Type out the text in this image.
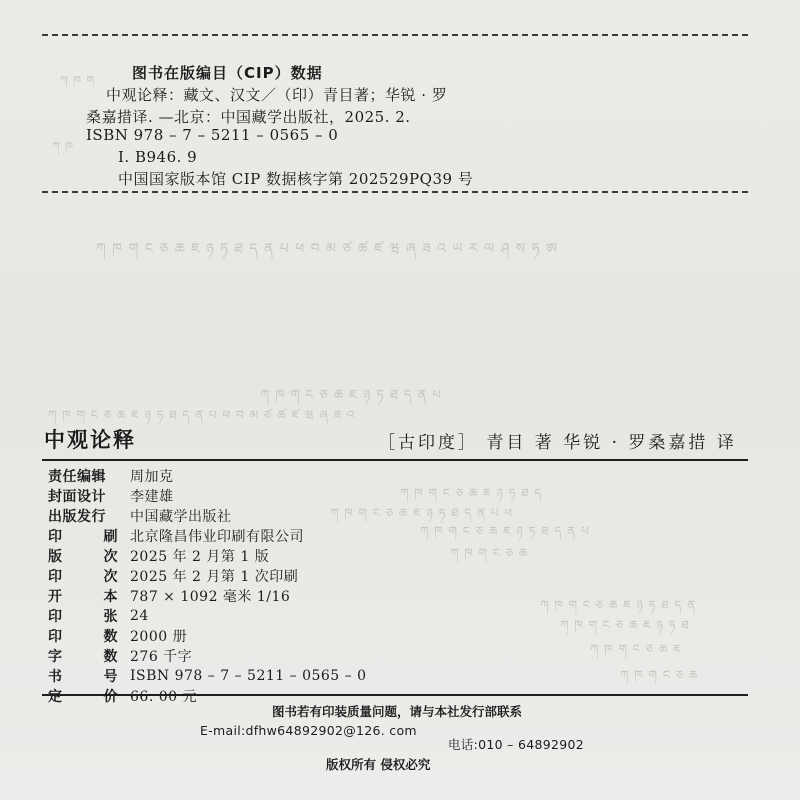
ཀ ཁ ག
ཀ ཁ
ཀ ཁ ག ང ཅ ཆ ཇ ཉ ཏ ཐ ད ན པ ཕ བ མ ཙ ཚ ཛ ཝ ཞ ཟ འ ཡ ར ལ ཤ ས ཧ ཨ
ཀ ཁ ག ང ཅ ཆ ཇ ཉ ཏ ཐ ད ན པ
ཀ ཁ ག ང ཅ ཆ ཇ ཉ ཏ ཐ ད ན པ ཕ བ མ ཙ ཚ ཛ ཝ ཞ ཟ འ
ཀ ཁ ག ང ཅ ཆ ཇ ཉ ཏ ཐ ད
ཀ ཁ ག ང ཅ ཆ ཇ ཉ ཏ ཐ ད ན པ ཕ
ཀ ཁ ག ང ཅ ཆ ཇ ཉ ཏ ཐ ད ན པ
ཀ ཁ ག ང ཅ ཆ
ཀ ཁ ག ང ཅ ཆ ཇ ཉ ཏ ཐ ད ན
ཀ ཁ ག ང ཅ ཆ ཇ ཉ ཏ ཐ
ཀ ཁ ག ང ཅ ཆ ཇ
ཀ ཁ ག ང ཅ ཆ
图书在版编目（CIP）数据
中观论释：藏文、汉文／（印）青目著；华锐 · 罗
桑嘉措译. —北京：中国藏学出版社，2025. 2.
ISBN 978 – 7 – 5211 – 0565 – 0
I. B946. 9
中国国家版本馆 CIP 数据核字第 202529PQ39 号
中观论释	［古印度］ 青目 著 华锐 · 罗桑嘉措 译
责任编辑	周加克
封面设计	李建雄
出版发行	中国藏学出版社

印 刷	北京隆昌伟业印刷有限公司

版 次	2025 年 2 月第 1 版

印 次	2025 年 2 月第 1 次印刷

开 本	787 × 1092 毫米 1/16

印 张	24

印 数	2000 册

字 数	276 千字

书 号	ISBN 978 – 7 – 5211 – 0565 – 0

定 价	66. 00 元
图书若有印装质量问题，请与本社发行部联系
E-mail:dfhw64892902@126. com
电话:010 – 64892902
版权所有 侵权必究
